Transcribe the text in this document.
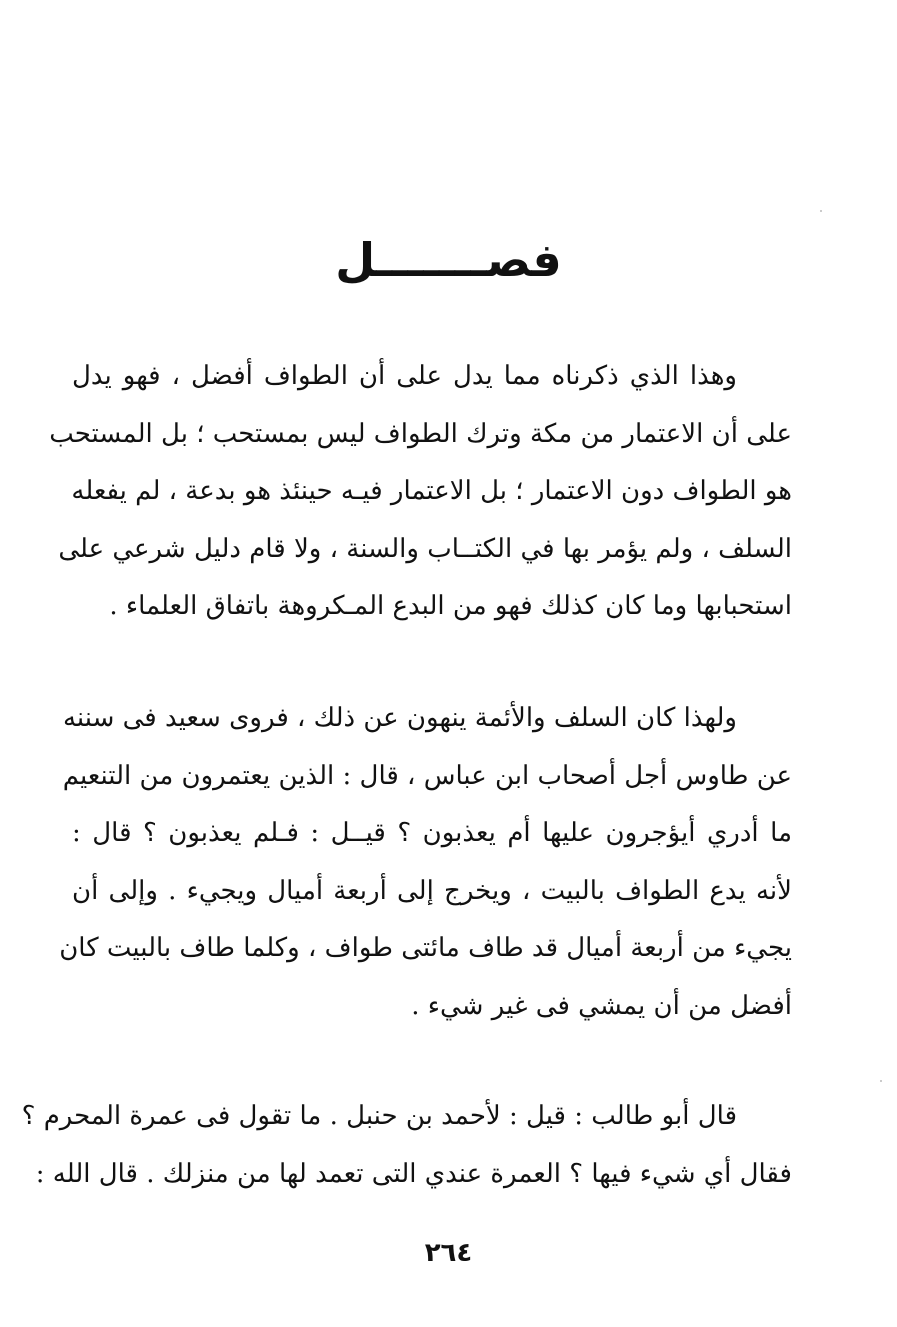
فصـــــــل
وهذا الذي ذكرناه مما يدل على أن الطواف أفضل ، فهو يدل
على أن الاعتمار من مكة وترك الطواف ليس بمستحب ؛ بل المستحب
هو الطواف دون الاعتمار ؛ بل الاعتمار فيـه حينئذ هو بدعة ، لم يفعله
السلف ، ولم يؤمر بها في الكتــاب والسنة ، ولا قام دليل شرعي على
استحبابها وما كان كذلك فهو من البدع المـكروهة باتفاق العلماء .
ولهذا كان السلف والأئمة ينهون عن ذلك ، فروى سعيد فى سننه
عن طاوس أجل أصحاب ابن عباس ، قال : الذين يعتمرون من التنعيم
ما أدري أيؤجرون عليها أم يعذبون ؟ قيــل : فـلم يعذبون ؟ قال :
لأنه يدع الطواف بالبيت ، ويخرج إلى أربعة أميال ويجيء . وإلى أن
يجيء من أربعة أميال قد طاف مائتى طواف ، وكلما طاف بالبيت كان
أفضل من أن يمشي فى غير شيء .
قال أبو طالب : قيل : لأحمد بن حنبل . ما تقول فى عمرة المحرم ؟
فقال أي شيء فيها ؟ العمرة عندي التى تعمد لها من منزلك . قال الله :
٢٦٤
